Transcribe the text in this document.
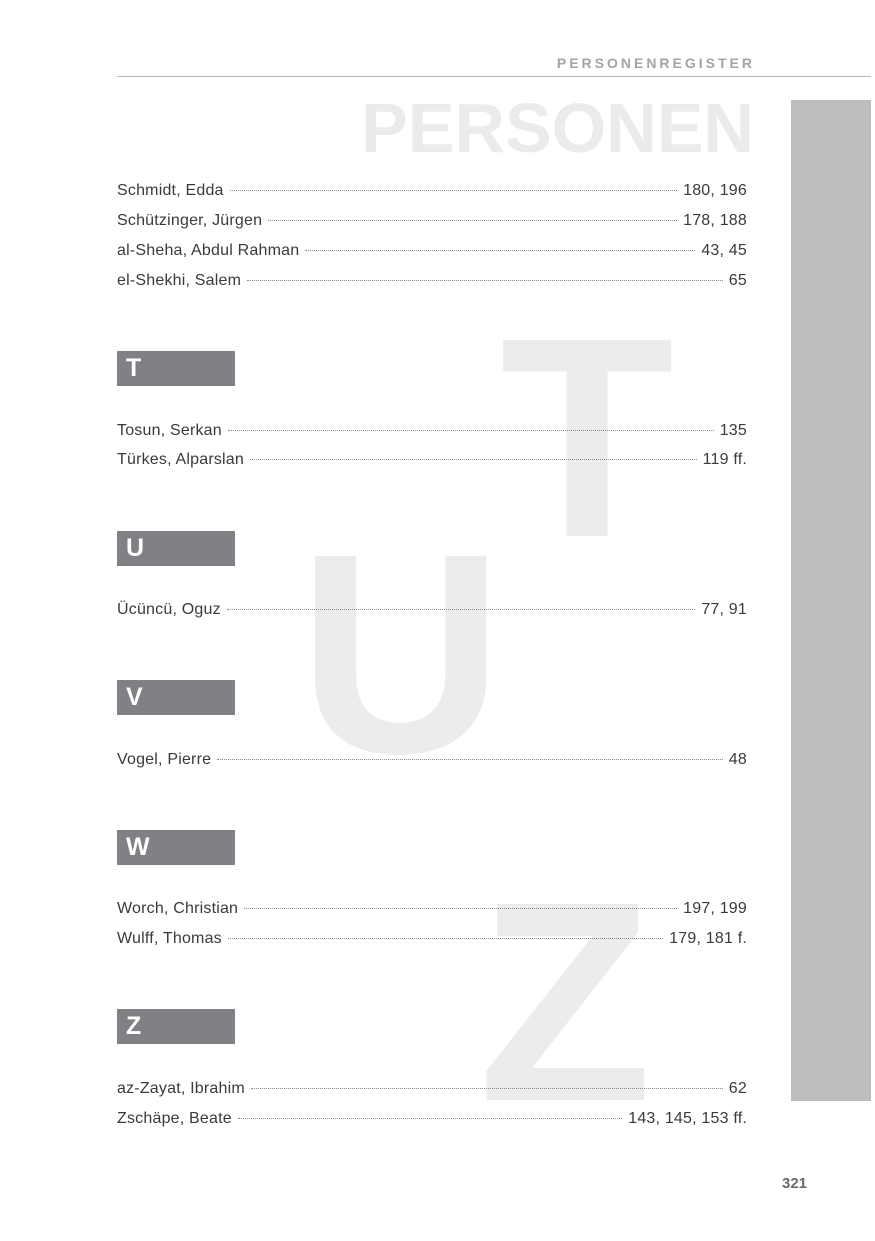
PERSONENREGISTER
PERSONEN
T
U
Z
Schmidt, Edda	180, 196
Schützinger, Jürgen	178, 188
al-Sheha, Abdul Rahman	43, 45
el-Shekhi, Salem	65
T
Tosun, Serkan	135
Türkes, Alparslan	119 ff.
U
Ücüncü, Oguz	77, 91
V
Vogel, Pierre	48
W
Worch, Christian	197, 199
Wulff, Thomas	179, 181 f.
Z
az-Zayat, Ibrahim	62
Zschäpe, Beate	143, 145, 153 ff.
321
